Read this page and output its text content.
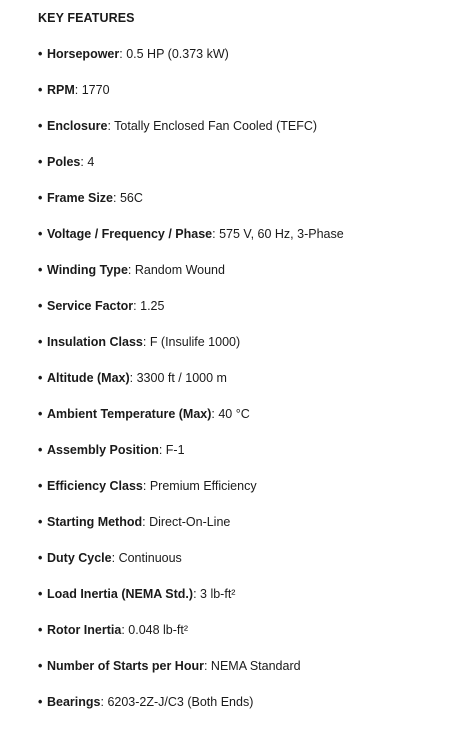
KEY FEATURES
• Horsepower: 0.5 HP (0.373 kW)
• RPM: 1770
• Enclosure: Totally Enclosed Fan Cooled (TEFC)
• Poles: 4
• Frame Size: 56C
• Voltage / Frequency / Phase: 575 V, 60 Hz, 3-Phase
• Winding Type: Random Wound
• Service Factor: 1.25
• Insulation Class: F (Insulife 1000)
• Altitude (Max): 3300 ft / 1000 m
• Ambient Temperature (Max): 40 °C
• Assembly Position: F-1
• Efficiency Class: Premium Efficiency
• Starting Method: Direct-On-Line
• Duty Cycle: Continuous
• Load Inertia (NEMA Std.): 3 lb-ft²
• Rotor Inertia: 0.048 lb-ft²
• Number of Starts per Hour: NEMA Standard
• Bearings: 6203-2Z-J/C3 (Both Ends)
